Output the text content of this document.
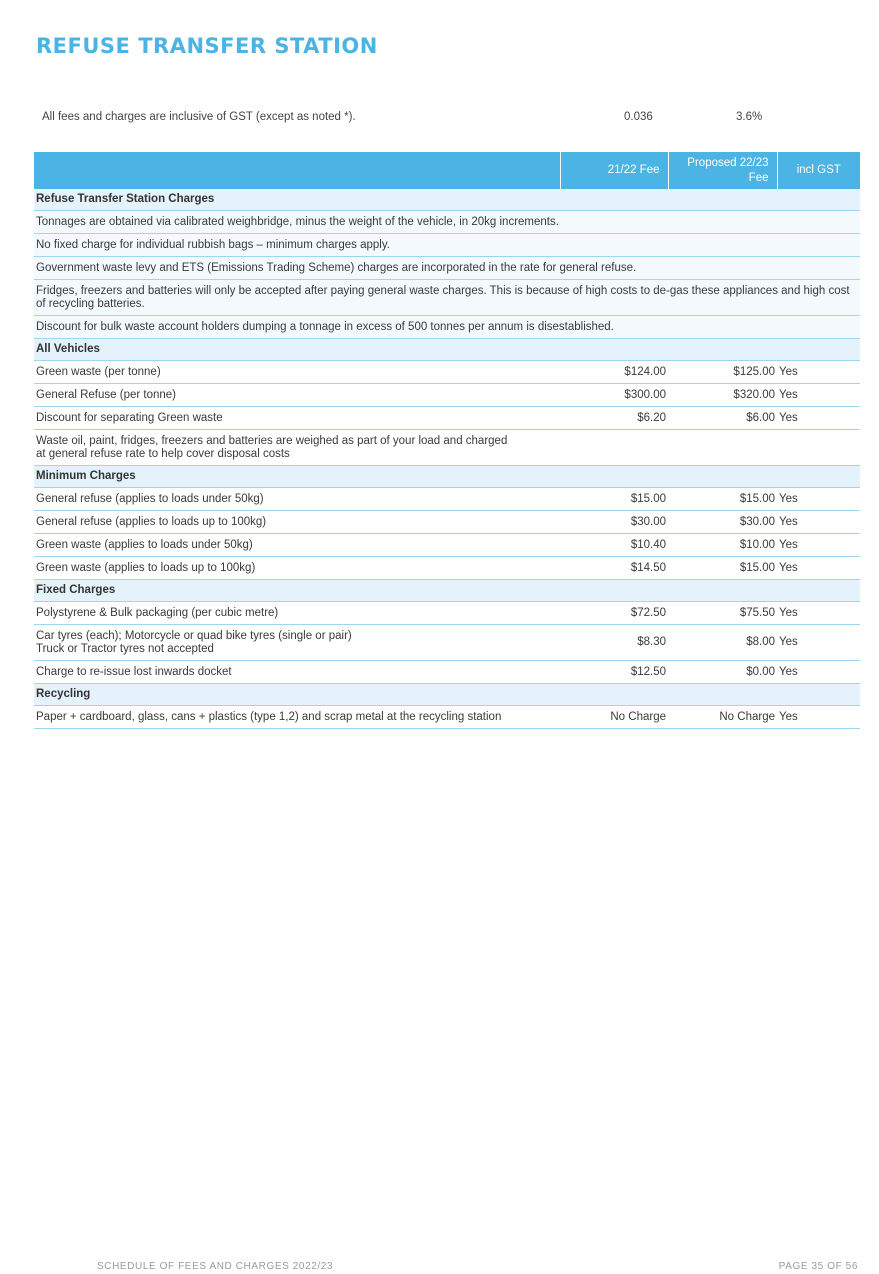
REFUSE TRANSFER STATION
All fees and charges are inclusive of GST (except as noted *).	0.036	3.6%
	21/22 Fee	Proposed 22/23 Fee	incl GST
Refuse Transfer Station Charges			
Tonnages are obtained via calibrated weighbridge, minus the weight of the vehicle, in 20kg increments.			
No fixed charge for individual rubbish bags – minimum charges apply.			
Government waste levy and ETS (Emissions Trading Scheme) charges are incorporated in the rate for general refuse.			
Fridges, freezers and batteries will only be accepted after paying general waste charges. This is because of high costs to de-gas these appliances and high cost of recycling batteries.			
Discount for bulk waste account holders dumping a tonnage in excess of 500 tonnes per annum is disestablished.			
All Vehicles			
Green waste (per tonne)	$124.00	$125.00	Yes
General Refuse (per tonne)	$300.00	$320.00	Yes
Discount for separating Green waste	$6.20	$6.00	Yes
Waste oil, paint, fridges, freezers and batteries are weighed as part of your load and charged
at general refuse rate to help cover disposal costs			
Minimum Charges			
General refuse (applies to loads under 50kg)	$15.00	$15.00	Yes
General refuse (applies to loads up to 100kg)	$30.00	$30.00	Yes
Green waste (applies to loads under 50kg)	$10.40	$10.00	Yes
Green waste (applies to loads up to 100kg)	$14.50	$15.00	Yes
Fixed Charges			
Polystyrene & Bulk packaging (per cubic metre)	$72.50	$75.50	Yes
Car tyres (each); Motorcycle or quad bike tyres (single or pair)
Truck or Tractor tyres not accepted	$8.30	$8.00	Yes
Charge to re-issue lost inwards docket	$12.50	$0.00	Yes
Recycling			
Paper + cardboard, glass, cans + plastics (type 1,2) and scrap metal at the recycling station	No Charge	No Charge	Yes
SCHEDULE OF FEES AND CHARGES 2022/23	PAGE 35 OF 56
